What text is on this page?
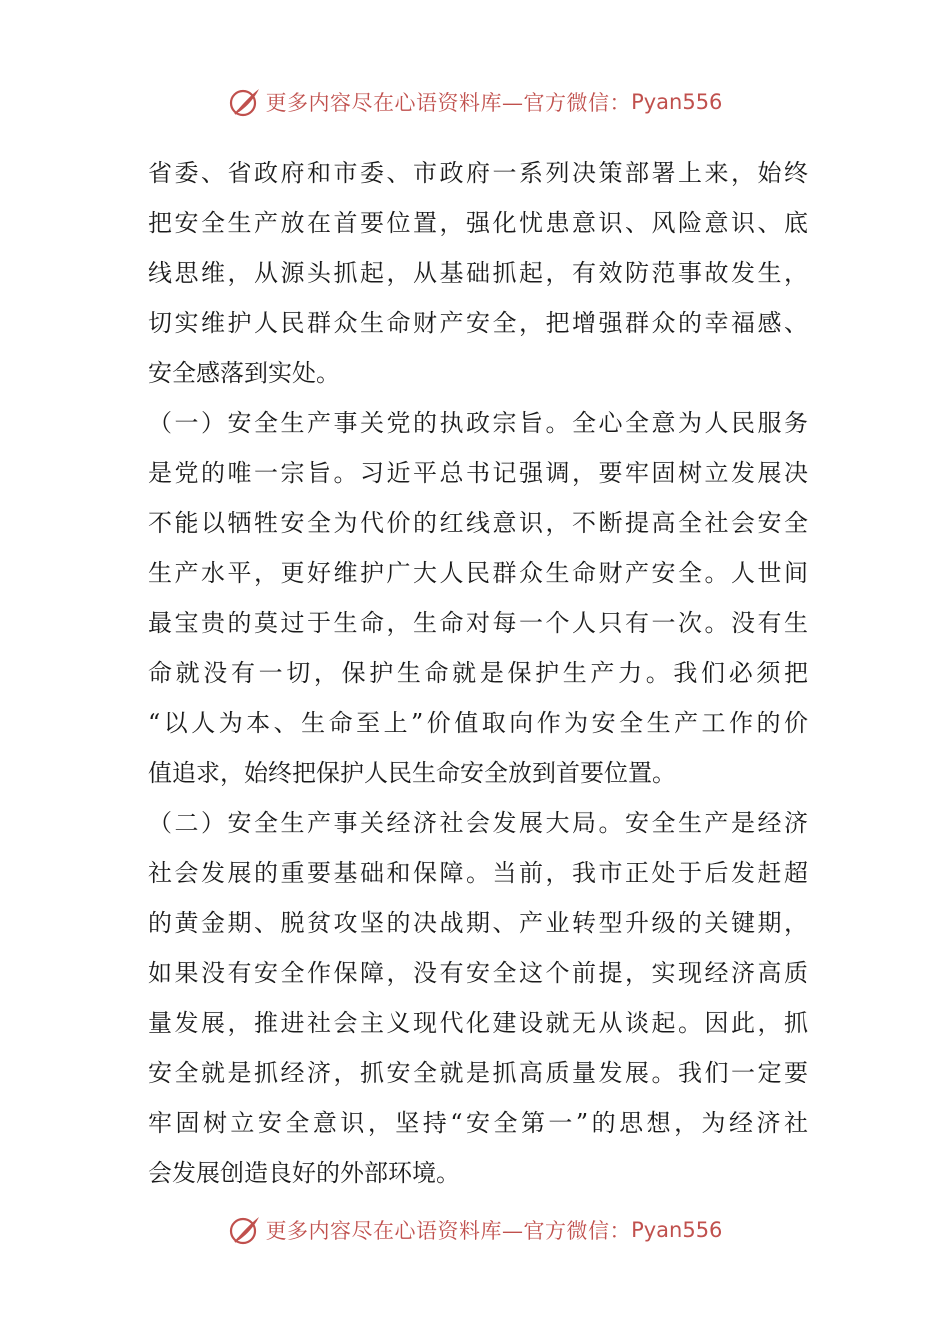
更多内容尽在心语资料库—官方微信： Pyan556
省委、省政府和市委、市政府一系列决策部署上来，始终
把安全生产放在首要位置，强化忧患意识、风险意识、底
线思维，从源头抓起，从基础抓起，有效防范事故发生，
切实维护人民群众生命财产安全，把增强群众的幸福感、
安全感落到实处。
（一）安全生产事关党的执政宗旨。全心全意为人民服务
是党的唯一宗旨。习近平总书记强调，要牢固树立发展决
不能以牺牲安全为代价的红线意识，不断提高全社会安全
生产水平，更好维护广大人民群众生命财产安全。人世间
最宝贵的莫过于生命，生命对每一个人只有一次。没有生
命就没有一切，保护生命就是保护生产力。我们必须把
“以人为本、生命至上”价值取向作为安全生产工作的价
值追求，始终把保护人民生命安全放到首要位置。
（二）安全生产事关经济社会发展大局。安全生产是经济
社会发展的重要基础和保障。当前，我市正处于后发赶超
的黄金期、脱贫攻坚的决战期、产业转型升级的关键期，
如果没有安全作保障，没有安全这个前提，实现经济高质
量发展，推进社会主义现代化建设就无从谈起。因此，抓
安全就是抓经济，抓安全就是抓高质量发展。我们一定要
牢固树立安全意识，坚持“安全第一”的思想，为经济社
会发展创造良好的外部环境。
更多内容尽在心语资料库—官方微信： Pyan556
